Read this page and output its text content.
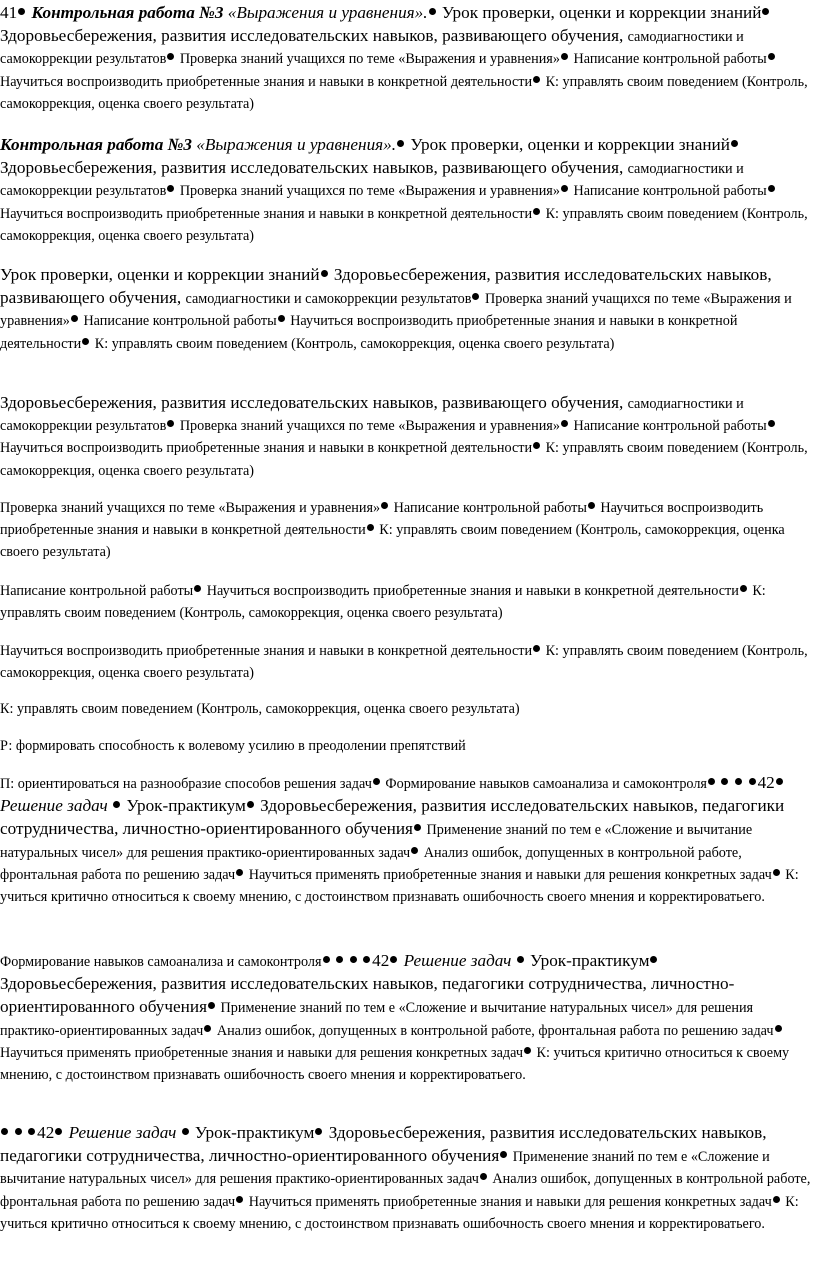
41 Контрольная работа №3 «Выражения и уравнения». Урок проверки, оценки и коррекции знаний Здоровьесбережения, развития исследовательских навыков, развивающего обучения, самодиагностики и самокоррекции результатов Проверка знаний учащихся по теме «Выражения и уравнения» Написание контрольной работы Научиться воспроизводить приобретенные знания и навыки в конкретной деятельности К: управлять своим поведением (Контроль, самокоррекция, оценка своего результата)

Контрольная работа №3 «Выражения и уравнения». Урок проверки, оценки и коррекции знаний Здоровьесбережения, развития исследовательских навыков, развивающего обучения, самодиагностики и самокоррекции результатов Проверка знаний учащихся по теме «Выражения и уравнения» Написание контрольной работы Научиться воспроизводить приобретенные знания и навыки в конкретной деятельности К: управлять своим поведением (Контроль, самокоррекция, оценка своего результата)

Урок проверки, оценки и коррекции знаний Здоровьесбережения, развития исследовательских навыков, развивающего обучения, самодиагностики и самокоррекции результатов Проверка знаний учащихся по теме «Выражения и уравнения» Написание контрольной работы Научиться воспроизводить приобретенные знания и навыки в конкретной деятельности К: управлять своим поведением (Контроль, самокоррекция, оценка своего результата)

Здоровьесбережения, развития исследовательских навыков, развивающего обучения, самодиагностики и самокоррекции результатов Проверка знаний учащихся по теме «Выражения и уравнения» Написание контрольной работы Научиться воспроизводить приобретенные знания и навыки в конкретной деятельности К: управлять своим поведением (Контроль, самокоррекция, оценка своего результата)

Проверка знаний учащихся по теме «Выражения и уравнения» Написание контрольной работы Научиться воспроизводить приобретенные знания и навыки в конкретной деятельности К: управлять своим поведением (Контроль, самокоррекция, оценка своего результата)

Написание контрольной работы Научиться воспроизводить приобретенные знания и навыки в конкретной деятельности К: управлять своим поведением (Контроль, самокоррекция, оценка своего результата)

Научиться воспроизводить приобретенные знания и навыки в конкретной деятельности К: управлять своим поведением (Контроль, самокоррекция, оценка своего результата)

К: управлять своим поведением (Контроль, самокоррекция, оценка своего результата)

Р: формировать способность к волевому усилию в преодолении препятствий

П: ориентироваться на разнообразие способов решения задач Формирование навыков самоанализа и самоконтроля	42 Решение задач  Урок-практикум Здоровьесбережения, развития исследовательских навыков, педагогики сотрудничества, личностно-ориентированного обучения Применение знаний по тем е «Сложение и вычитание натуральных чисел» для решения практико-ориентированных задач Анализ ошибок, допущенных в контрольной работе, фронтальная работа по решению задач Научиться применять приобретенные знания и навыки для решения конкретных задач К: учиться критично относиться к своему мнению, с достоинством признавать ошибочность своего мнения и корректироватьего.

Формирование навыков самоанализа и самоконтроля	42 Решение задач  Урок-практикум Здоровьесбережения, развития исследовательских навыков, педагогики сотрудничества, личностно-ориентированного обучения Применение знаний по тем е «Сложение и вычитание натуральных чисел» для решения практико-ориентированных задач Анализ ошибок, допущенных в контрольной работе, фронтальная работа по решению задач Научиться применять приобретенные знания и навыки для решения конкретных задач К: учиться критично относиться к своему мнению, с достоинством признавать ошибочность своего мнения и корректироватьего.

42 Решение задач  Урок-практикум Здоровьесбережения, развития исследовательских навыков, педагогики сотрудничества, личностно-ориентированного обучения Применение знаний по тем е «Сложение и вычитание натуральных чисел» для решения практико-ориентированных задач Анализ ошибок, допущенных в контрольной работе, фронтальная работа по решению задач Научиться применять приобретенные знания и навыки для решения конкретных задач К: учиться критично относиться к своему мнению, с достоинством признавать ошибочность своего мнения и корректироватьего.
